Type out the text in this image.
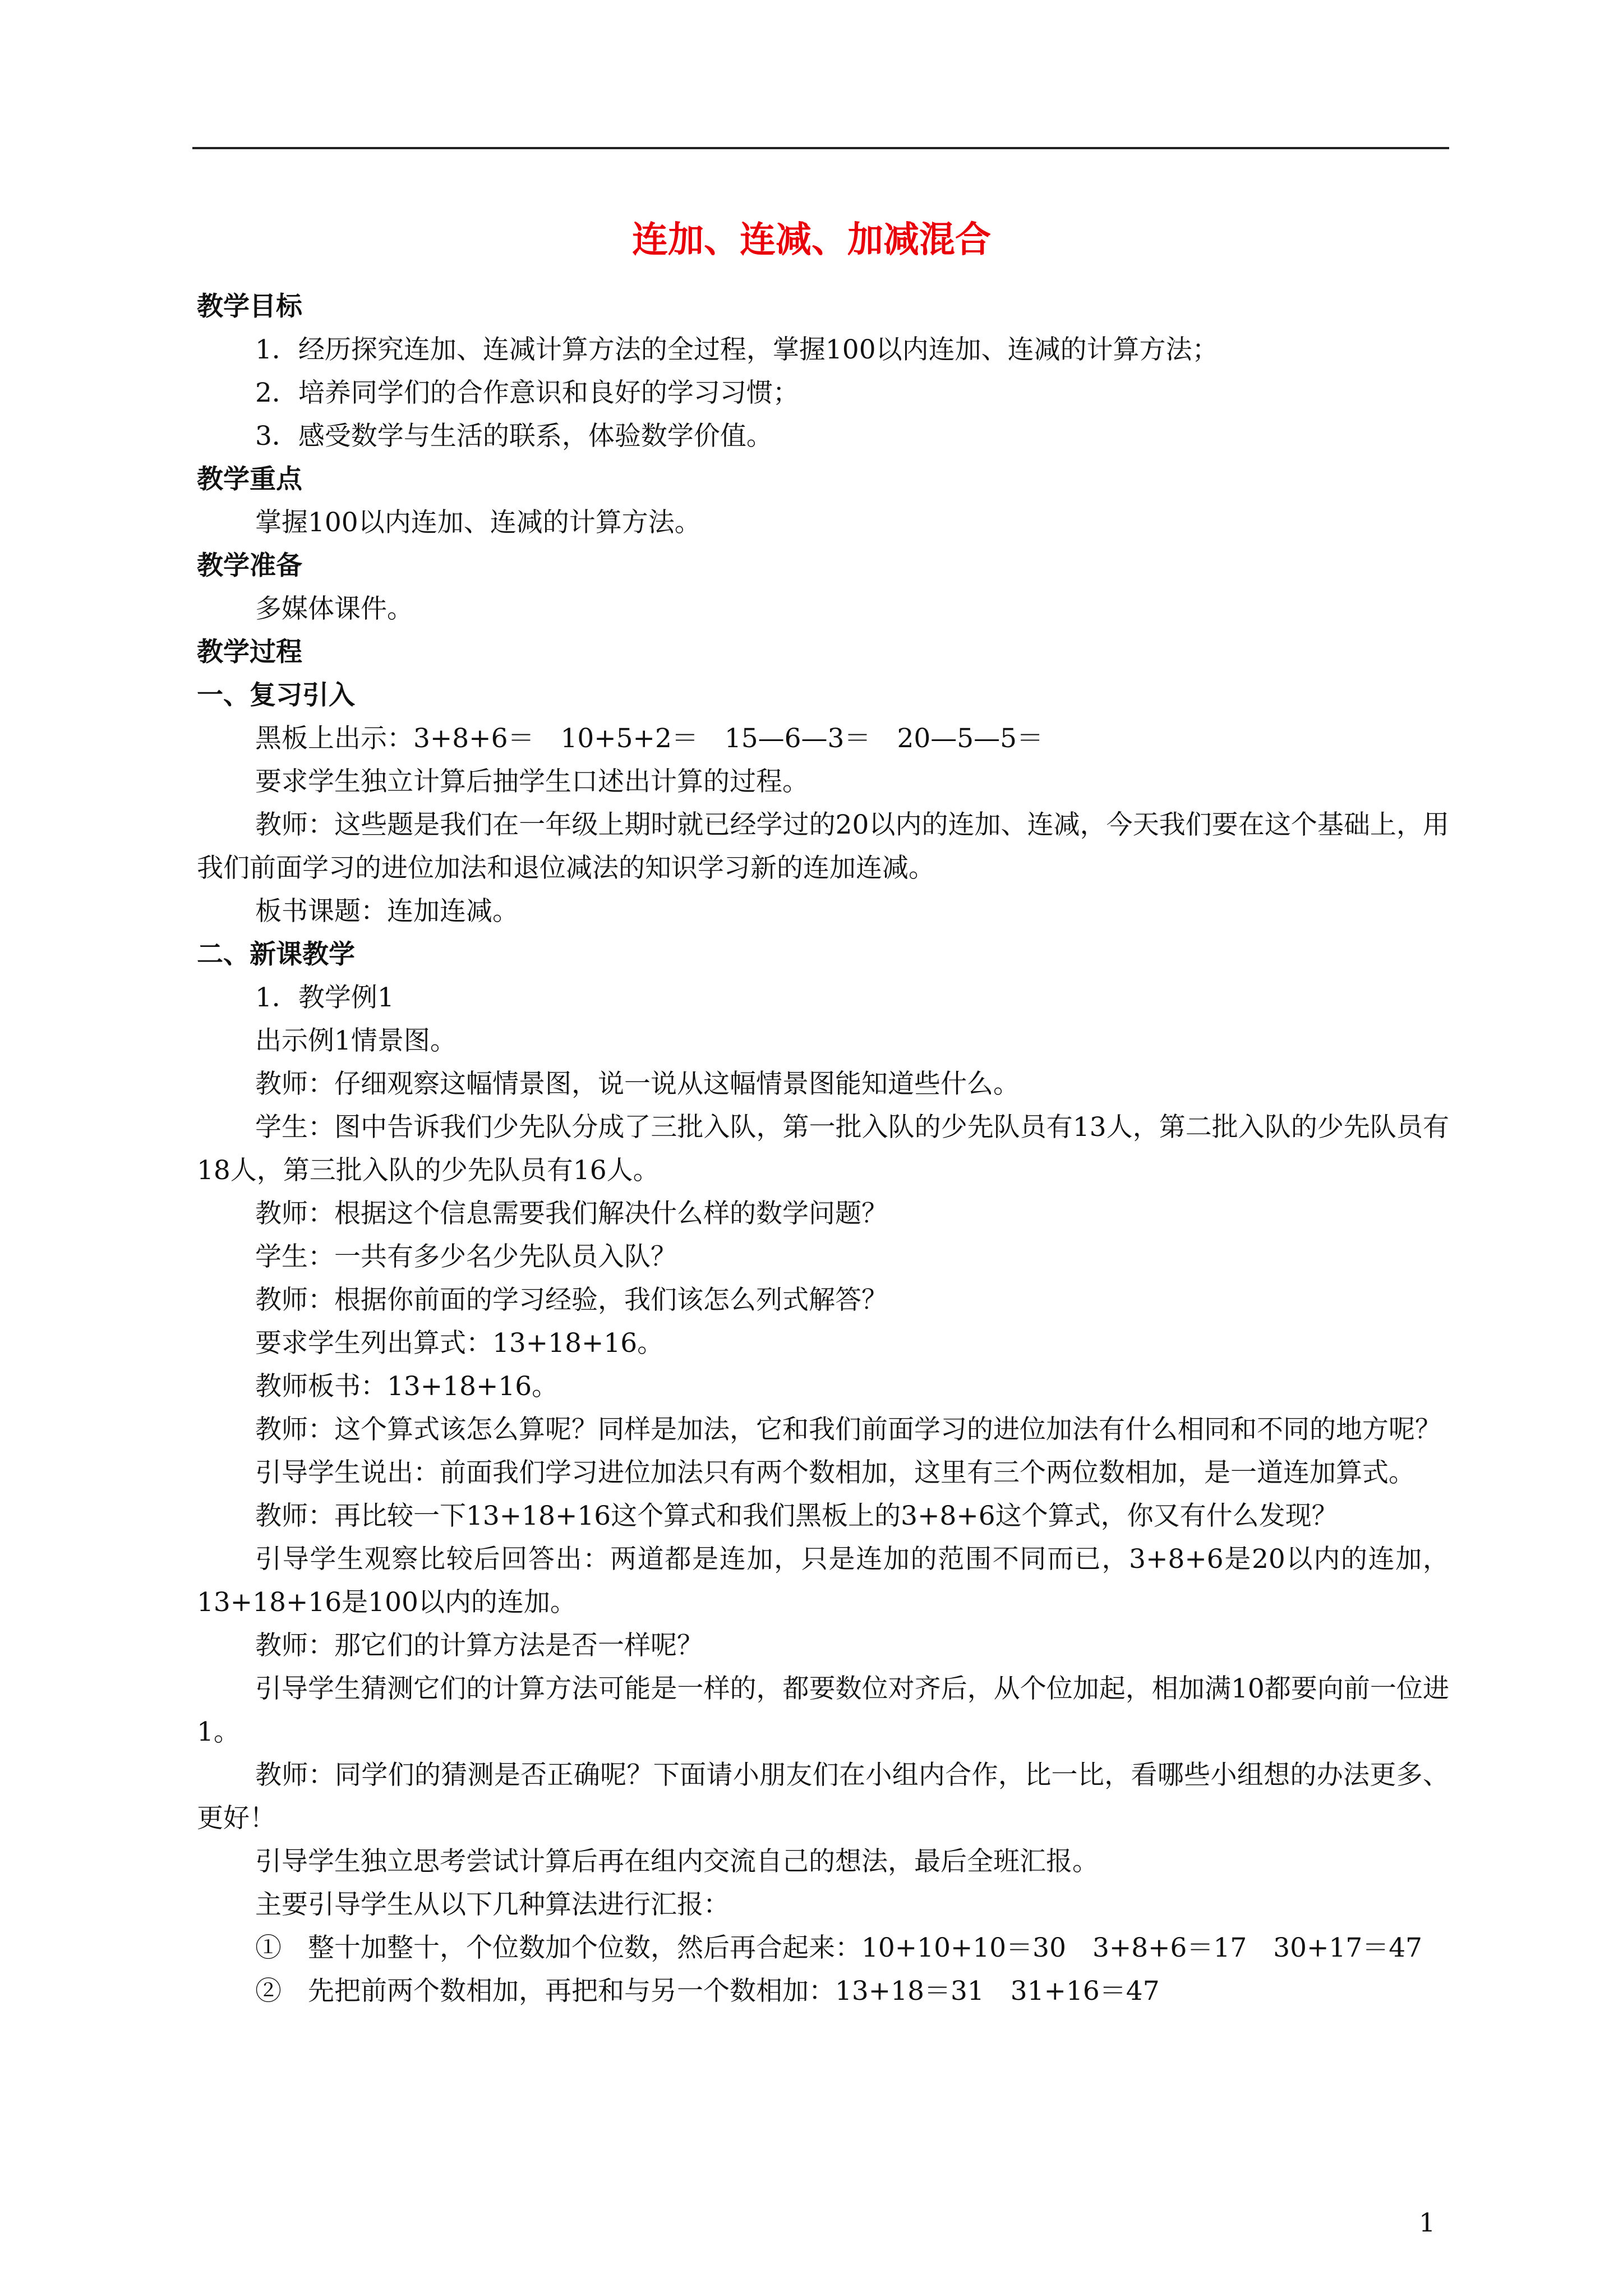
连加、连减、加减混合
教学目标
1．经历探究连加、连减计算方法的全过程，掌握100以内连加、连减的计算方法；
2．培养同学们的合作意识和良好的学习习惯；
3．感受数学与生活的联系，体验数学价值。
教学重点
掌握100以内连加、连减的计算方法。
教学准备
多媒体课件。
教学过程
一、复习引入
黑板上出示：3+8+6＝　10+5+2＝　15—6—3＝　20—5—5＝
要求学生独立计算后抽学生口述出计算的过程。
教师：这些题是我们在一年级上期时就已经学过的20以内的连加、连减，今天我们要在这个基础上，用我们前面学习的进位加法和退位减法的知识学习新的连加连减。
板书课题：连加连减。
二、新课教学
1．教学例1
出示例1情景图。
教师：仔细观察这幅情景图，说一说从这幅情景图能知道些什么。
学生：图中告诉我们少先队分成了三批入队，第一批入队的少先队员有13人，第二批入队的少先队员有18人，第三批入队的少先队员有16人。
教师：根据这个信息需要我们解决什么样的数学问题？
学生：一共有多少名少先队员入队？
教师：根据你前面的学习经验，我们该怎么列式解答？
要求学生列出算式：13+18+16。
教师板书：13+18+16。
教师：这个算式该怎么算呢？同样是加法，它和我们前面学习的进位加法有什么相同和不同的地方呢？
引导学生说出：前面我们学习进位加法只有两个数相加，这里有三个两位数相加，是一道连加算式。
教师：再比较一下13+18+16这个算式和我们黑板上的3+8+6这个算式，你又有什么发现？
引导学生观察比较后回答出：两道都是连加，只是连加的范围不同而已，3+8+6是20以内的连加，13+18+16是100以内的连加。
教师：那它们的计算方法是否一样呢？
引导学生猜测它们的计算方法可能是一样的，都要数位对齐后，从个位加起，相加满10都要向前一位进1。
教师：同学们的猜测是否正确呢？下面请小朋友们在小组内合作，比一比，看哪些小组想的办法更多、更好！
引导学生独立思考尝试计算后再在组内交流自己的想法，最后全班汇报。
主要引导学生从以下几种算法进行汇报：
①　整十加整十，个位数加个位数，然后再合起来：10+10+10＝30　3+8+6＝17　30+17＝47
②　先把前两个数相加，再把和与另一个数相加：13+18＝31　31+16＝47
1
